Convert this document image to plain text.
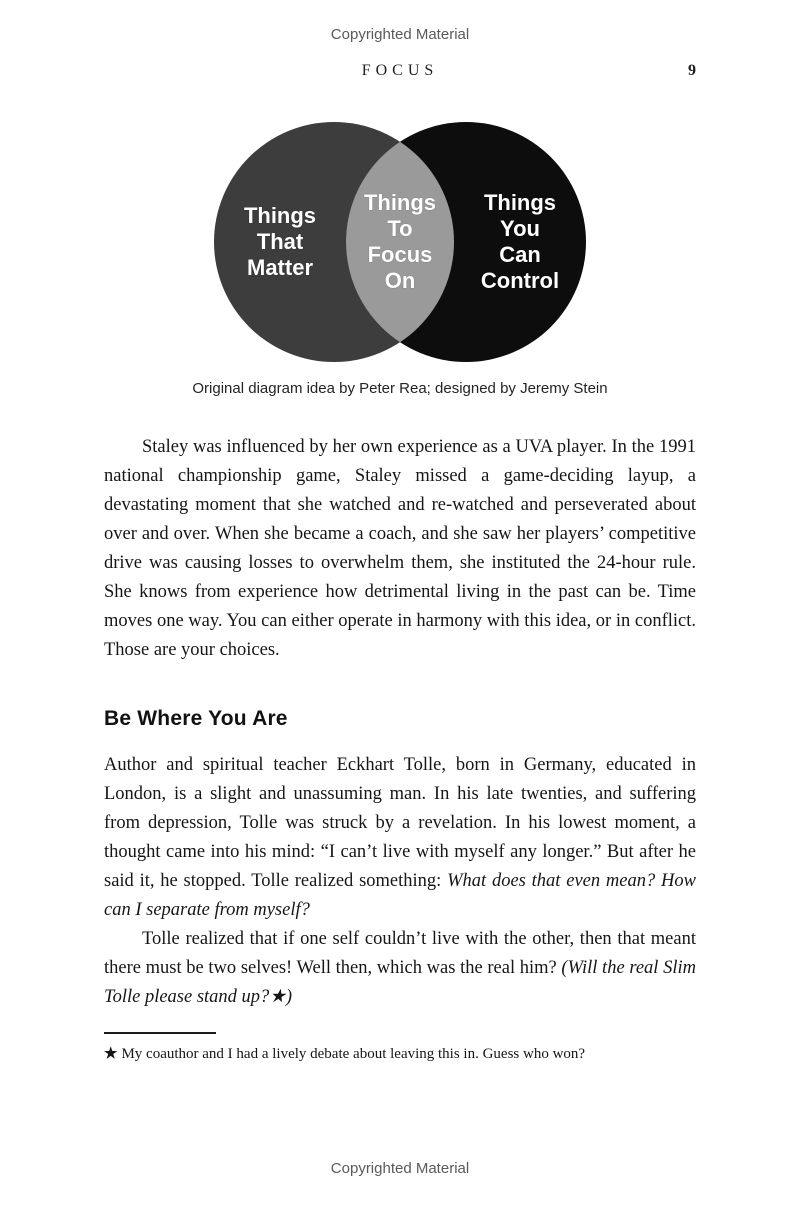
Copyrighted Material
FOCUS	9
Things
That
Matter
Things
To
Focus
On
Things
You Can
Control
Original diagram idea by Peter Rea; designed by Jeremy Stein

Staley was influenced by her own experience as a UVA player. In the 1991 national championship game, Staley missed a game-deciding layup, a devastating moment that she watched and re-watched and perseverated about over and over. When she became a coach, and she saw her players’ competitive drive was causing losses to overwhelm them, she instituted the 24-hour rule. She knows from experience how detrimental living in the past can be. Time moves one way. You can either operate in harmony with this idea, or in conflict. Those are your choices.

Be Where You Are

Author and spiritual teacher Eckhart Tolle, born in Germany, educated in London, is a slight and unassuming man. In his late twenties, and suffering from depression, Tolle was struck by a revelation. In his lowest moment, a thought came into his mind: “I can’t live with myself any longer.” But after he said it, he stopped. Tolle realized something: What does that even mean? How can I separate from myself?

Tolle realized that if one self couldn’t live with the other, then that meant there must be two selves! Well then, which was the real him? (Will the real Slim Tolle please stand up?★)

★ My coauthor and I had a lively debate about leaving this in. Guess who won?

Copyrighted Material
